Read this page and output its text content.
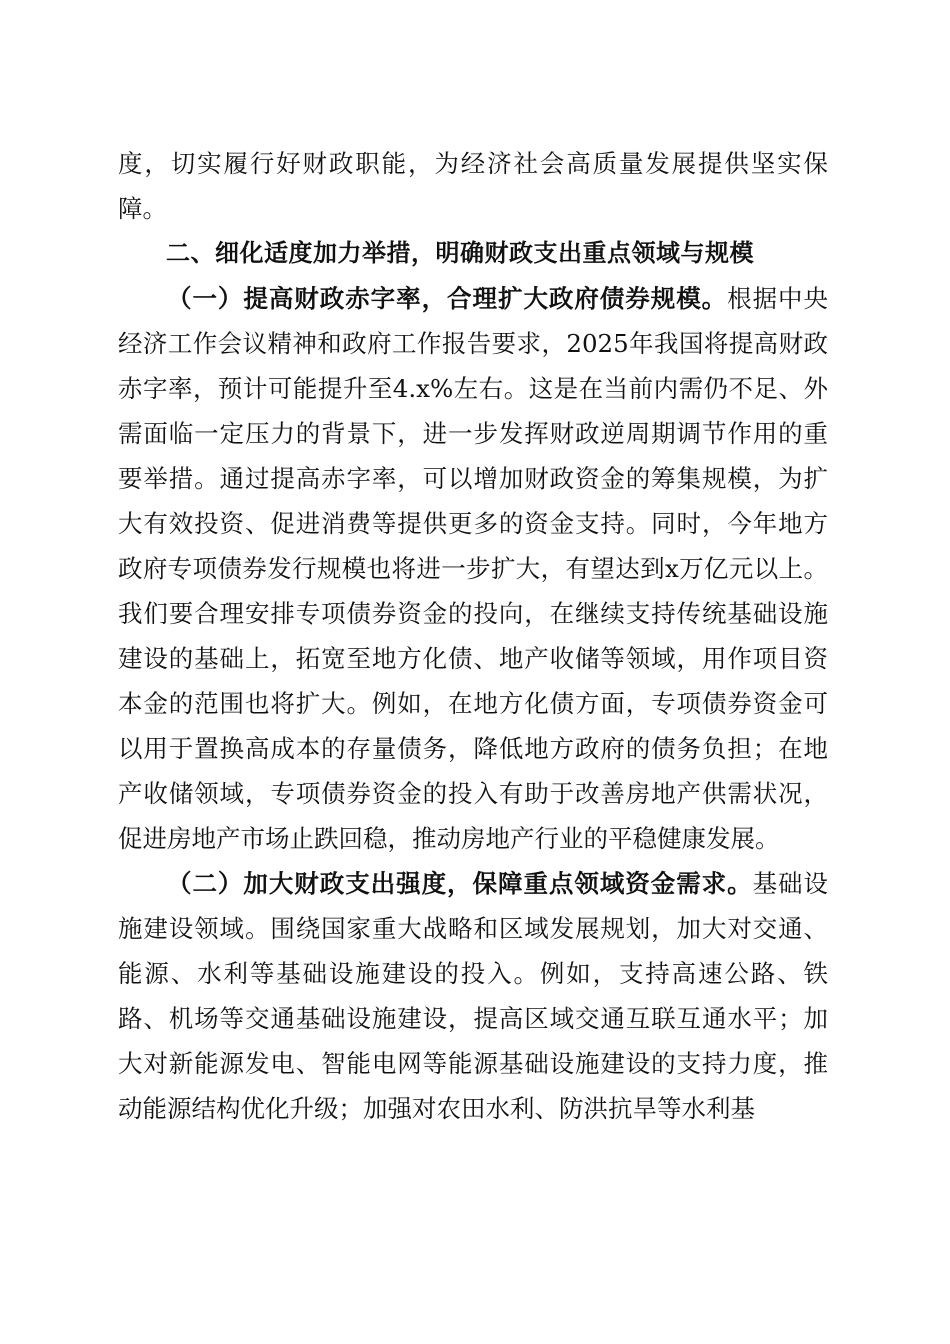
度，切实履行好财政职能，为经济社会高质量发展提供坚实保障。

二、细化适度加力举措，明确财政支出重点领域与规模

（一）提高财政赤字率，合理扩大政府债券规模。根据中央经济工作会议精神和政府工作报告要求，2025年我国将提高财政赤字率，预计可能提升至4.x%左右。这是在当前内需仍不足、外需面临一定压力的背景下，进一步发挥财政逆周期调节作用的重要举措。通过提高赤字率，可以增加财政资金的筹集规模，为扩大有效投资、促进消费等提供更多的资金支持。同时，今年地方政府专项债券发行规模也将进一步扩大，有望达到x万亿元以上。我们要合理安排专项债券资金的投向，在继续支持传统基础设施建设的基础上，拓宽至地方化债、地产收储等领域，用作项目资本金的范围也将扩大。例如，在地方化债方面，专项债券资金可以用于置换高成本的存量债务，降低地方政府的债务负担；在地产收储领域，专项债券资金的投入有助于改善房地产供需状况，促进房地产市场止跌回稳，推动房地产行业的平稳健康发展。

（二）加大财政支出强度，保障重点领域资金需求。基础设施建设领域。围绕国家重大战略和区域发展规划，加大对交通、能源、水利等基础设施建设的投入。例如，支持高速公路、铁路、机场等交通基础设施建设，提高区域交通互联互通水平；加大对新能源发电、智能电网等能源基础设施建设的支持力度，推动能源结构优化升级；加强对农田水利、防洪抗旱等水利基
